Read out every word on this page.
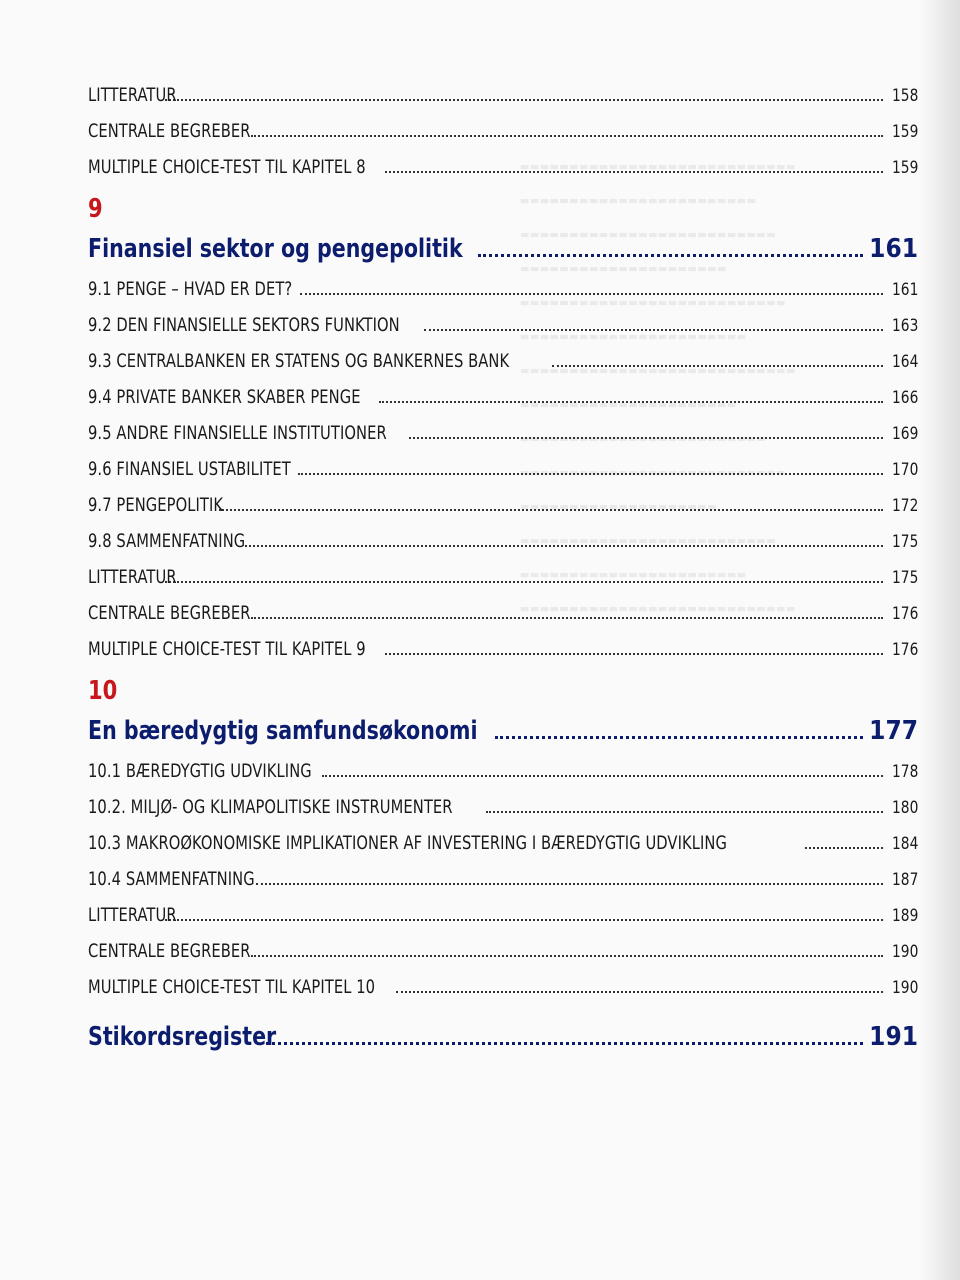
▬▬▬▬▬▬▬▬▬▬▬▬▬▬▬▬▬▬▬▬▬▬▬▬▬▬▬▬
▬▬▬▬▬▬▬▬▬▬▬▬▬▬▬▬▬▬▬▬▬▬▬▬
▬▬▬▬▬▬▬▬▬▬▬▬▬▬▬▬▬▬▬▬▬▬▬▬▬▬
▬▬▬▬▬▬▬▬▬▬▬▬▬▬▬▬▬▬▬▬▬
▬▬▬▬▬▬▬▬▬▬▬▬▬▬▬▬▬▬▬▬▬▬▬▬▬▬▬
▬▬▬▬▬▬▬▬▬▬▬▬▬▬▬▬▬▬▬▬▬▬▬
▬▬▬▬▬▬▬▬▬▬▬▬▬▬▬▬▬▬▬▬▬▬▬▬▬▬▬▬
▬▬▬▬▬▬▬▬▬▬▬▬▬▬▬▬▬▬▬▬▬▬
▬▬▬▬▬▬▬▬▬▬▬▬▬▬▬▬▬▬▬▬▬▬▬▬▬
▬▬▬▬▬▬▬▬▬▬▬▬▬▬▬▬▬▬▬▬▬▬▬▬▬▬▬
▬▬▬▬▬▬▬▬▬▬▬▬▬▬▬▬▬▬▬▬
▬▬▬▬▬▬▬▬▬▬▬▬▬▬▬▬▬▬▬▬▬▬▬▬▬▬
▬▬▬▬▬▬▬▬▬▬▬▬▬▬▬▬▬▬▬▬▬▬▬
▬▬▬▬▬▬▬▬▬▬▬▬▬▬▬▬▬▬▬▬▬▬▬▬▬▬▬▬
LITTERATUR	158
CENTRALE BEGREBER	159
MULTIPLE CHOICE-TEST TIL KAPITEL 8	159
9
Finansiel sektor og pengepolitik	161
9.1 PENGE – HVAD ER DET?	161
9.2 DEN FINANSIELLE SEKTORS FUNKTION	163
9.3 CENTRALBANKEN ER STATENS OG BANKERNES BANK	164
9.4 PRIVATE BANKER SKABER PENGE	166
9.5 ANDRE FINANSIELLE INSTITUTIONER	169
9.6 FINANSIEL USTABILITET	170
9.7 PENGEPOLITIK	172
9.8 SAMMENFATNING	175
LITTERATUR	175
CENTRALE BEGREBER	176
MULTIPLE CHOICE-TEST TIL KAPITEL 9	176
10
En bæredygtig samfundsøkonomi	177
10.1 BÆREDYGTIG UDVIKLING	178
10.2. MILJØ- OG KLIMAPOLITISKE INSTRUMENTER	180
10.3 MAKROØKONOMISKE IMPLIKATIONER AF INVESTERING I BÆREDYGTIG UDVIKLING	184
10.4 SAMMENFATNING	187
LITTERATUR	189
CENTRALE BEGREBER	190
MULTIPLE CHOICE-TEST TIL KAPITEL 10	190
Stikordsregister	191
